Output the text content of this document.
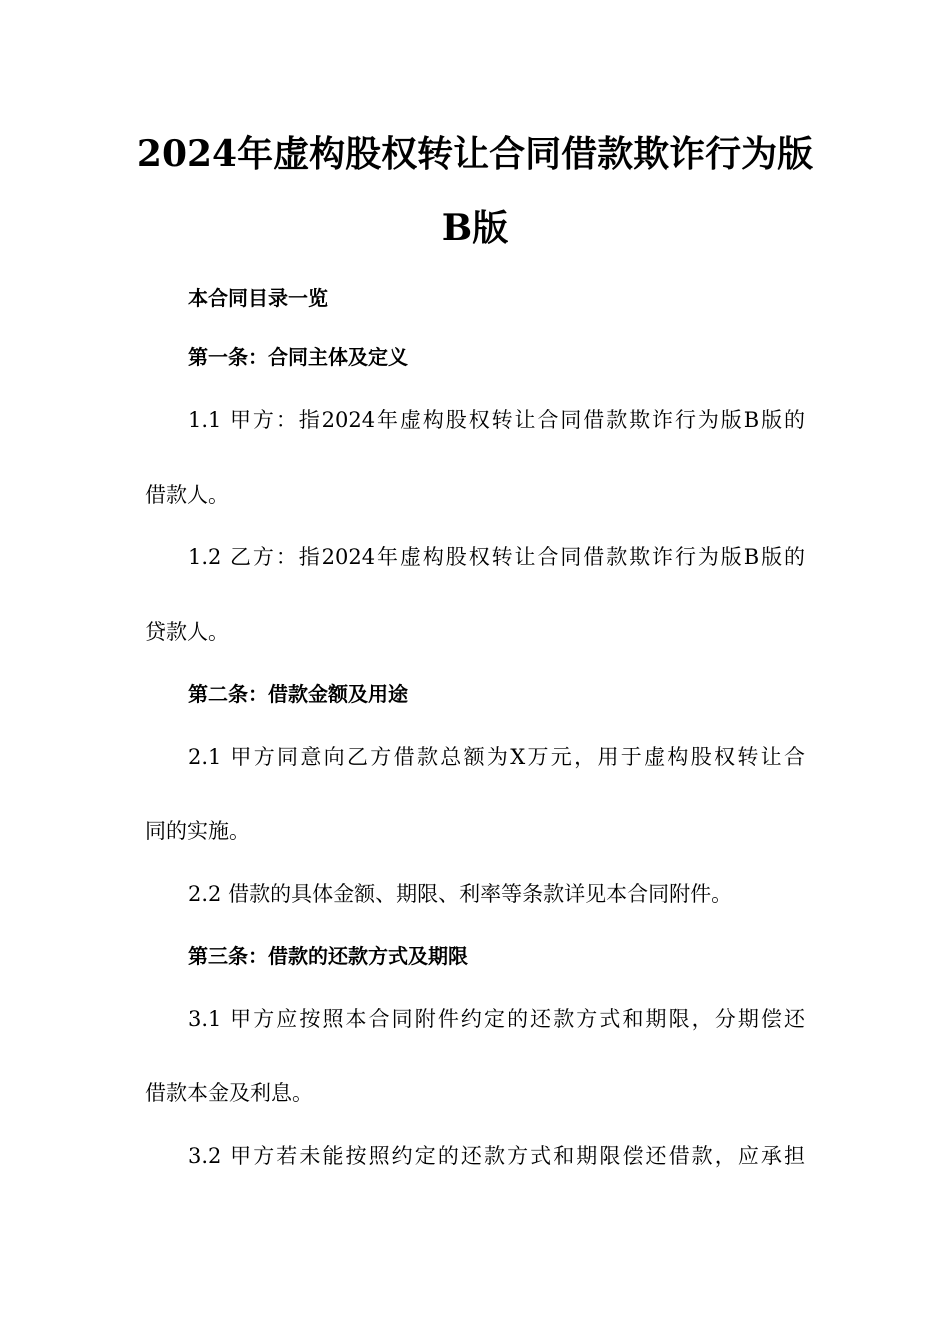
2024年虚构股权转让合同借款欺诈行为版
B版
本合同目录一览
第一条：合同主体及定义
1.1 甲方：指2024年虚构股权转让合同借款欺诈行为版B版的
借款人。
1.2 乙方：指2024年虚构股权转让合同借款欺诈行为版B版的
贷款人。
第二条：借款金额及用途
2.1 甲方同意向乙方借款总额为X万元，用于虚构股权转让合
同的实施。
2.2 借款的具体金额、期限、利率等条款详见本合同附件。
第三条：借款的还款方式及期限
3.1 甲方应按照本合同附件约定的还款方式和期限，分期偿还
借款本金及利息。
3.2 甲方若未能按照约定的还款方式和期限偿还借款，应承担
